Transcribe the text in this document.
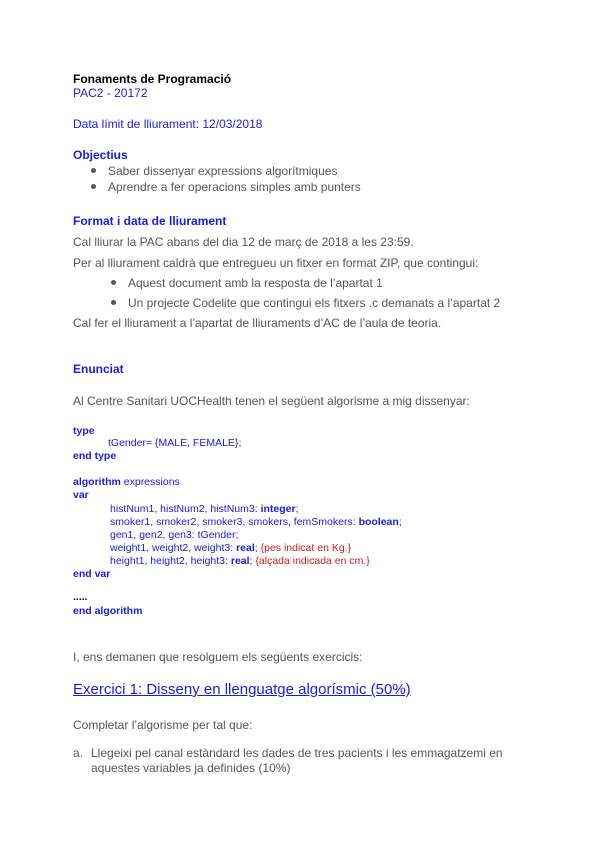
Fonaments de Programació
PAC2 - 20172
Data límit de lliurament: 12/03/2018
Objectius
Saber dissenyar expressions algorítmiques
Aprendre a fer operacions simples amb punters
Format i data de lliurament
Cal lliurar la PAC abans del dia 12 de març de 2018 a les 23:59.
Per al lliurament caldrà que entregueu un fitxer en format ZIP, que contingui:
Aquest document amb la resposta de l’apartat 1
Un projecte Codelite que contingui els fitxers .c demanats a l’apartat 2
Cal fer el lliurament a l’apartat de lliuraments d’AC de l’aula de teoria.
Enunciat
Al Centre Sanitari UOCHealth tenen el següent algorisme a mig dissenyar:
type
tGender= {MALE, FEMALE};
end type
algorithm expressions
var
histNum1, histNum2, histNum3: integer;
smoker1, smoker2, smoker3, smokers, femSmokers: boolean;
gen1, gen2, gen3: tGender;
weight1, weight2, weight3: real; {pes indicat en Kg.}
height1, height2, height3: real; {alçada indicada en cm.}
end var
.....
end algorithm
I, ens demanen que resolguem els següents exercicis:
Exercici 1: Disseny en llenguatge algorísmic (50%)
Completar l’algorisme per tal que:
a. Llegeixi pel canal estàndard les dades de tres pacients i les emmagatzemi en
aquestes variables ja definides (10%)
